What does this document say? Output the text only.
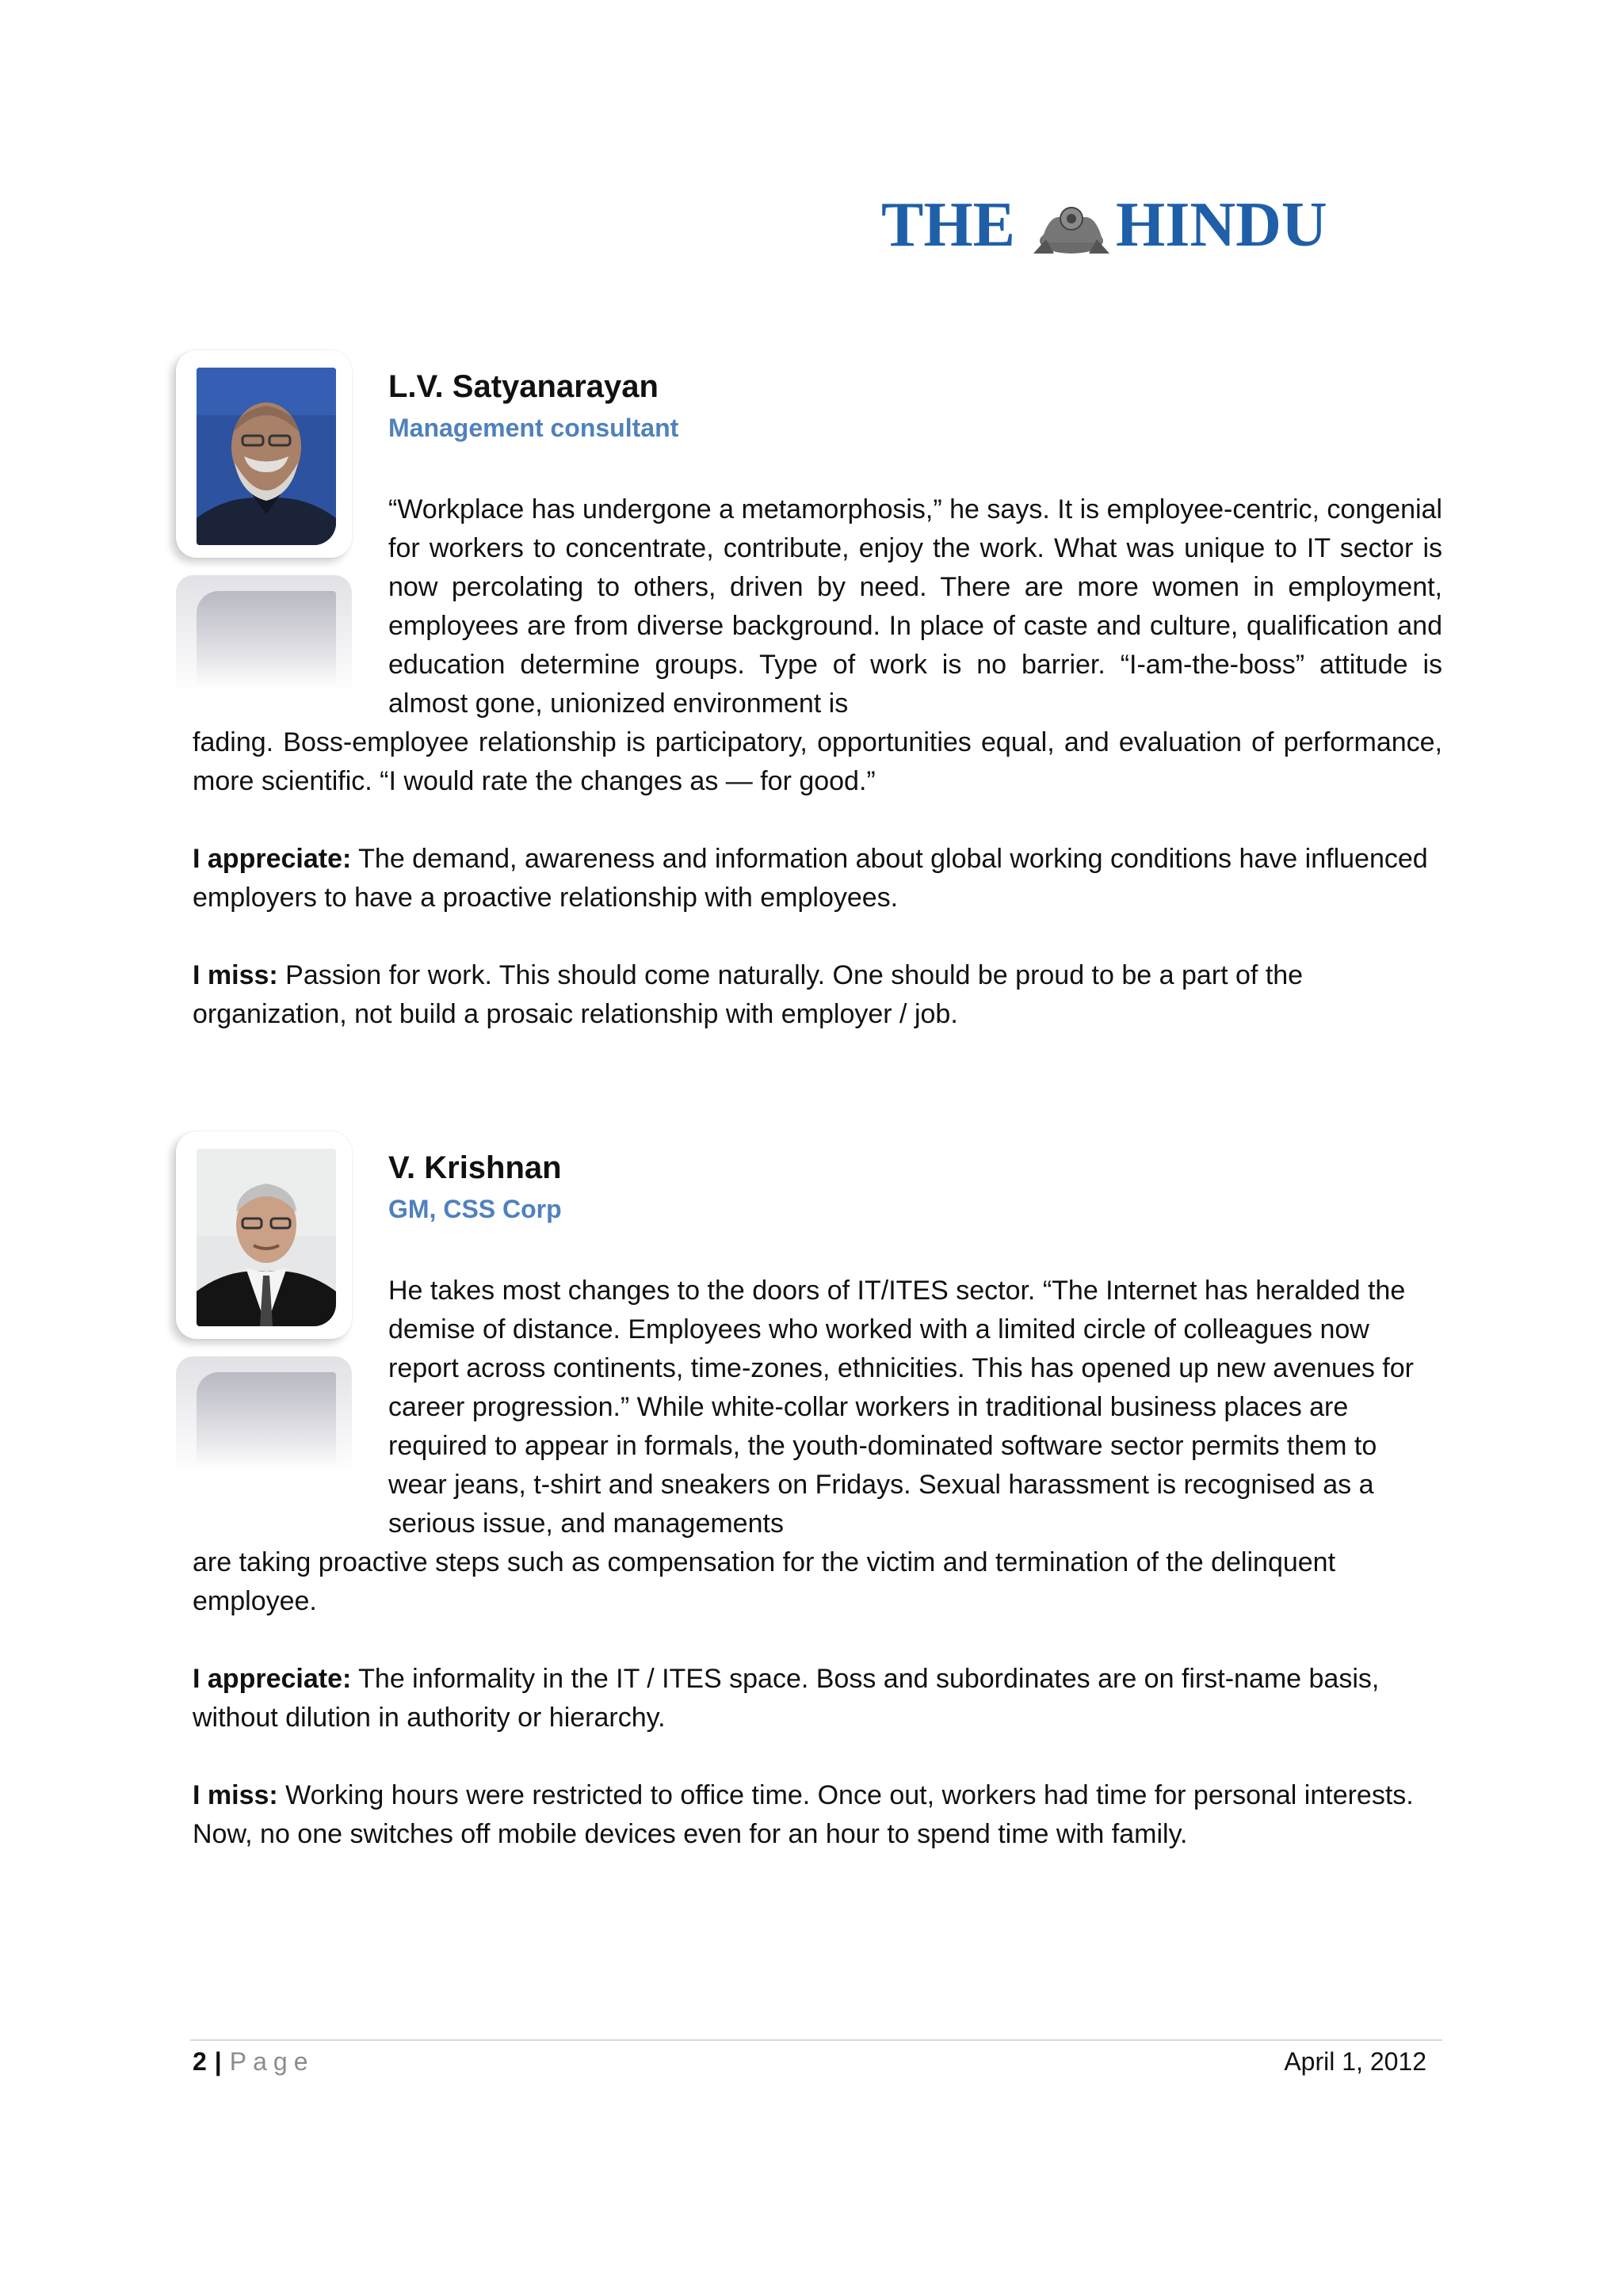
THE HINDU
L.V. Satyanarayan
Management consultant
“Workplace has undergone a metamorphosis,” he says. It is employee-centric, congenial for workers to concentrate, contribute, enjoy the work. What was unique to IT sector is now percolating to others, driven by need. There are more women in employment, employees are from diverse background. In place of caste and culture, qualification and education determine groups. Type of work is no barrier. “I-am-the-boss” attitude is almost gone, unionized environment is
fading. Boss-employee relationship is participatory, opportunities equal, and evaluation of performance, more scientific. “I would rate the changes as — for good.”
I appreciate: The demand, awareness and information about global working conditions have influenced employers to have a proactive relationship with employees.
I miss: Passion for work. This should come naturally. One should be proud to be a part of the organization, not build a prosaic relationship with employer / job.
V. Krishnan
GM, CSS Corp
He takes most changes to the doors of IT/ITES sector. “The Internet has heralded the demise of distance. Employees who worked with a limited circle of colleagues now report across continents, time-zones, ethnicities. This has opened up new avenues for career progression.” While white-collar workers in traditional business places are required to appear in formals, the youth-dominated software sector permits them to wear jeans, t-shirt and sneakers on Fridays. Sexual harassment is recognised as a serious issue, and managements
are taking proactive steps such as compensation for the victim and termination of the delinquent employee.
I appreciate: The informality in the IT / ITES space. Boss and subordinates are on first-name basis, without dilution in authority or hierarchy.
I miss: Working hours were restricted to office time. Once out, workers had time for personal interests. Now, no one switches off mobile devices even for an hour to spend time with family.
2 | Page	April 1, 2012
